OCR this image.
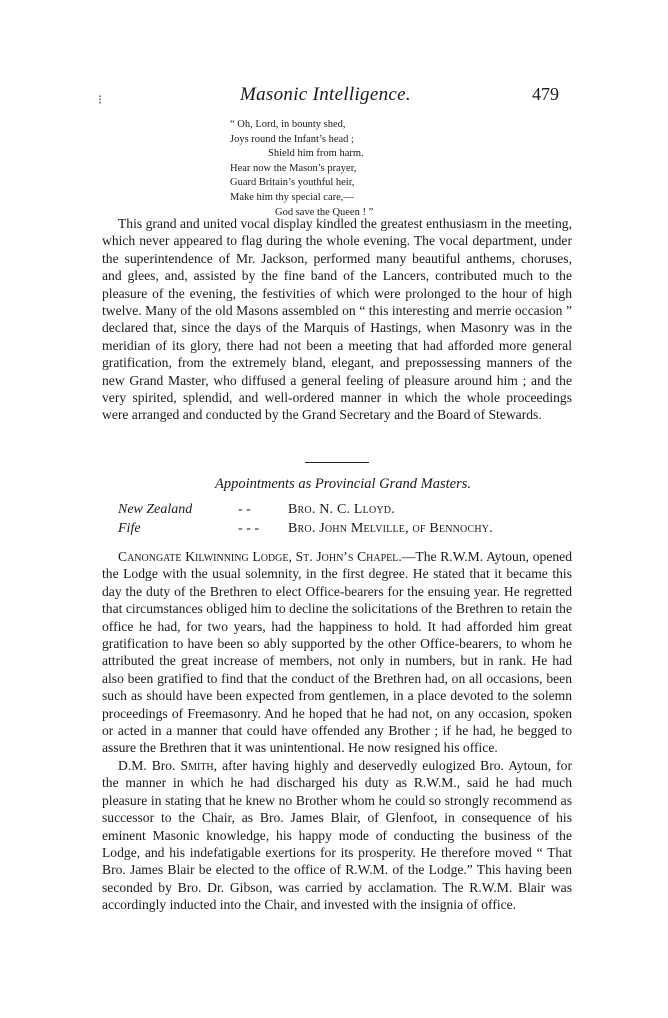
⁝	Masonic Intelligence.	479
“ Oh, Lord, in bounty shed,
Joys round the Infant’s head ;
Shield him from harm.
Hear now the Mason’s prayer,
Guard Britain’s youthful heir,
Make him thy special care,—
God save the Queen ! ”

This grand and united vocal display kindled the greatest enthusiasm in the meeting, which never appeared to flag during the whole evening. The vocal department, under the superintendence of Mr. Jackson, performed many beautiful anthems, choruses, and glees, and, assisted by the fine band of the Lancers, contributed much to the pleasure of the evening, the festivities of which were prolonged to the hour of high twelve. Many of the old Masons assembled on “ this interesting and merrie occasion ” declared that, since the days of the Marquis of Hastings, when Masonry was in the meridian of its glory, there had not been a meeting that had afforded more general gratification, from the extremely bland, elegant, and prepossessing manners of the new Grand Master, who diffused a general feeling of pleasure around him ; and the very spirited, splendid, and well-ordered manner in which the whole proceedings were arranged and conducted by the Grand Secretary and the Board of Stewards.

Appointments as Provincial Grand Masters.
New Zealand	- -	Bro. N. C. Lloyd.
Fife	- - -	Bro. John Melville, of Bennochy.

Canongate Kilwinning Lodge, St. John’s Chapel.—The R.W.M. Aytoun, opened the Lodge with the usual solemnity, in the first degree. He stated that it became this day the duty of the Brethren to elect Office-bearers for the ensuing year. He regretted that circumstances obliged him to decline the solicitations of the Brethren to retain the office he had, for two years, had the happiness to hold. It had afforded him great gratification to have been so ably supported by the other Office-bearers, to whom he attributed the great increase of members, not only in numbers, but in rank. He had also been gratified to find that the conduct of the Brethren had, on all occasions, been such as should have been expected from gentlemen, in a place devoted to the solemn proceedings of Freemasonry. And he hoped that he had not, on any occasion, spoken or acted in a manner that could have offended any Brother ; if he had, he begged to assure the Brethren that it was unintentional. He now resigned his office.

D.M. Bro. Smith, after having highly and deservedly eulogized Bro. Aytoun, for the manner in which he had discharged his duty as R.W.M., said he had much pleasure in stating that he knew no Brother whom he could so strongly recommend as successor to the Chair, as Bro. James Blair, of Glenfoot, in consequence of his eminent Masonic knowledge, his happy mode of conducting the business of the Lodge, and his indefatigable exertions for its prosperity. He therefore moved “ That Bro. James Blair be elected to the office of R.W.M. of the Lodge.” This having been seconded by Bro. Dr. Gibson, was carried by acclamation. The R.W.M. Blair was accordingly inducted into the Chair, and invested with the insignia of office.
